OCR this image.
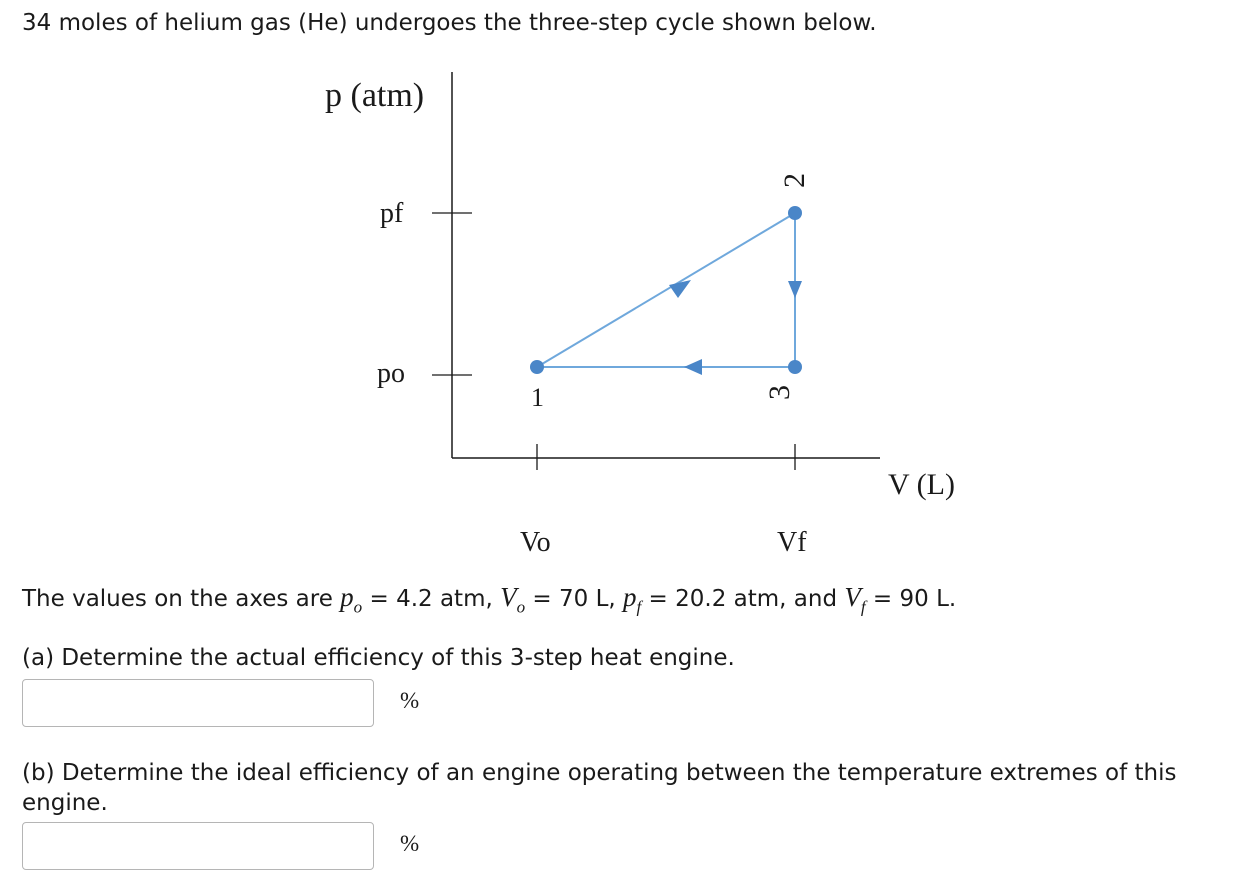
34 moles of helium gas (He) undergoes the three-step cycle shown below.
p (atm)
V (L)
pf
po
Vo	Vf
1
2
3
The values on the axes are $p_o = 4.2$ atm, $V_o = 70$ L, $p_f = 20.2$ atm, and $V_f = 90$ L.
(a) Determine the actual efficiency of this 3-step heat engine.
%
(b) Determine the ideal efficiency of an engine operating between the temperature extremes of this engine.
%
